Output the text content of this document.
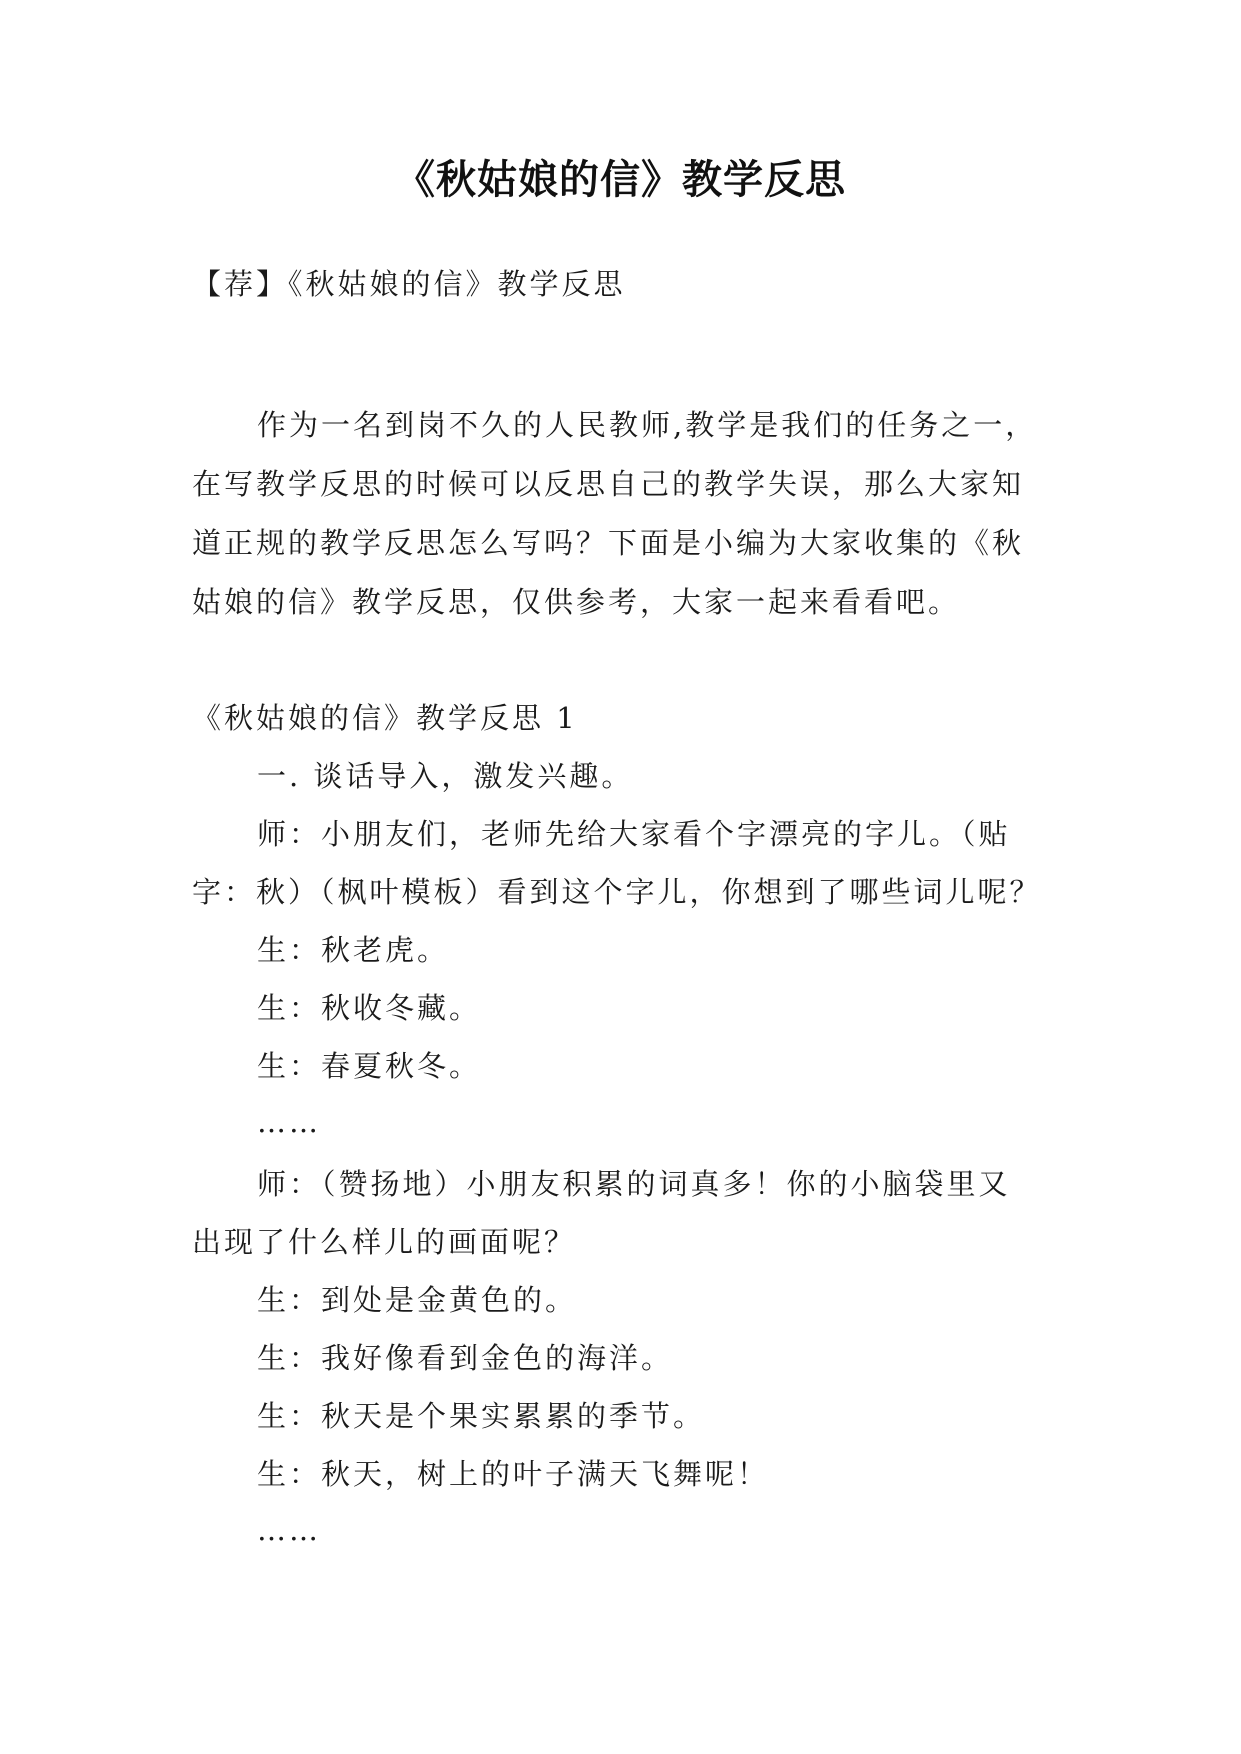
《秋姑娘的信》教学反思
【荐】《秋姑娘的信》教学反思
作为一名到岗不久的人民教师,教学是我们的任务之一，
在写教学反思的时候可以反思自己的教学失误，那么大家知
道正规的教学反思怎么写吗？下面是小编为大家收集的《秋
姑娘的信》教学反思，仅供参考，大家一起来看看吧。
《秋姑娘的信》教学反思 1
一. 谈话导入，激发兴趣。
师：小朋友们，老师先给大家看个字漂亮的字儿。（贴
字：秋）（枫叶模板）看到这个字儿，你想到了哪些词儿呢？
生：秋老虎。
生：秋收冬藏。
生：春夏秋冬。
……
师：（赞扬地）小朋友积累的词真多！你的小脑袋里又
出现了什么样儿的画面呢？
生：到处是金黄色的。
生：我好像看到金色的海洋。
生：秋天是个果实累累的季节。
生：秋天，树上的叶子满天飞舞呢！
……
